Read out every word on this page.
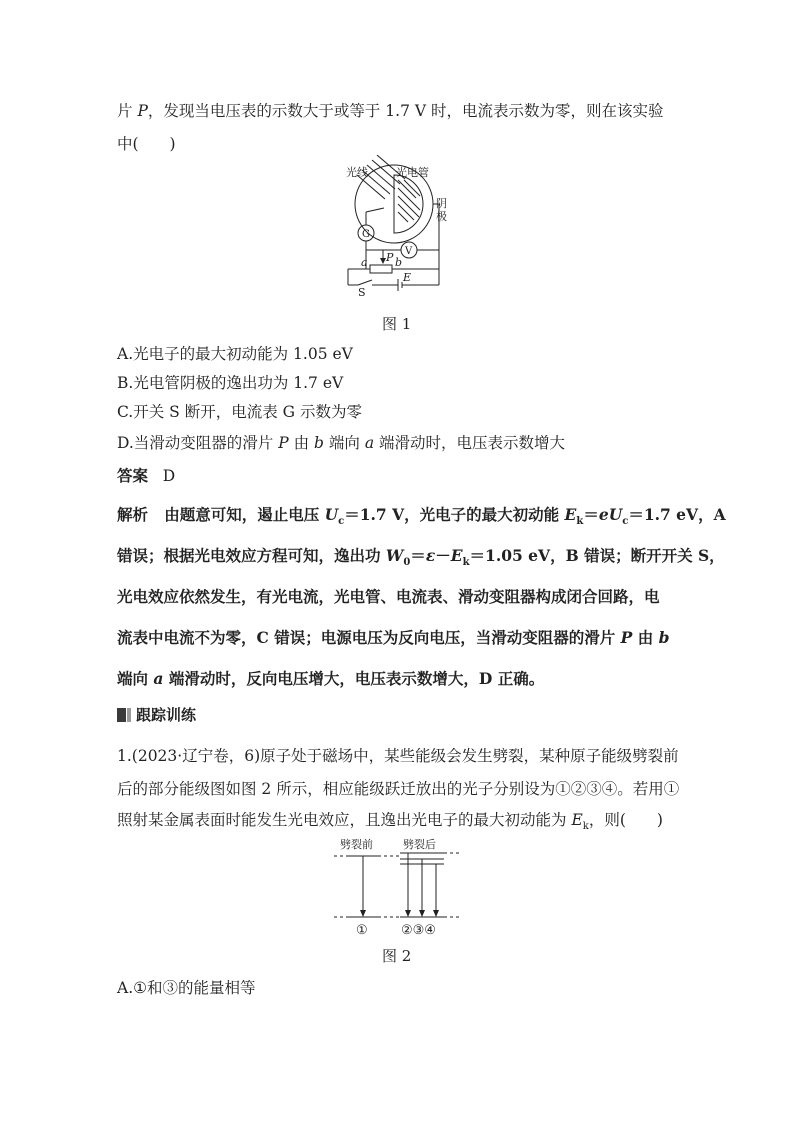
片 P，发现当电压表的示数大于或等于 1.7 V 时，电流表示数为零，则在该实验
中(　　)
光线	光电管
阴
极
G
V
a P b
E
S
图 1
A.光电子的最大初动能为 1.05 eV
B.光电管阴极的逸出功为 1.7 eV
C.开关 S 断开，电流表 G 示数为零
D.当滑动变阻器的滑片 P 由 b 端向 a 端滑动时，电压表示数增大
答案 D
解析 由题意可知，遏止电压 $U_c=1.7$ V，光电子的最大初动能 $E_k=eU_c=1.7$ eV，A
错误；根据光电效应方程可知，逸出功 $W_0=\varepsilon-E_k=1.05$ eV，B 错误；断开开关 S，
光电效应依然发生，有光电流，光电管、电流表、滑动变阻器构成闭合回路，电
流表中电流不为零，C 错误；电源电压为反向电压，当滑动变阻器的滑片 P 由 b
端向 a 端滑动时，反向电压增大，电压表示数增大，D 正确。
跟踪训练
1.(2023·辽宁卷，6)原子处于磁场中，某些能级会发生劈裂，某种原子能级劈裂前
后的部分能级图如图 2 所示，相应能级跃迁放出的光子分别设为①②③④。若用①
照射某金属表面时能发生光电效应，且逸出光电子的最大初动能为 $E_k$，则(　　)
劈裂前	劈裂后
①	②③④
图 2
A.①和③的能量相等
